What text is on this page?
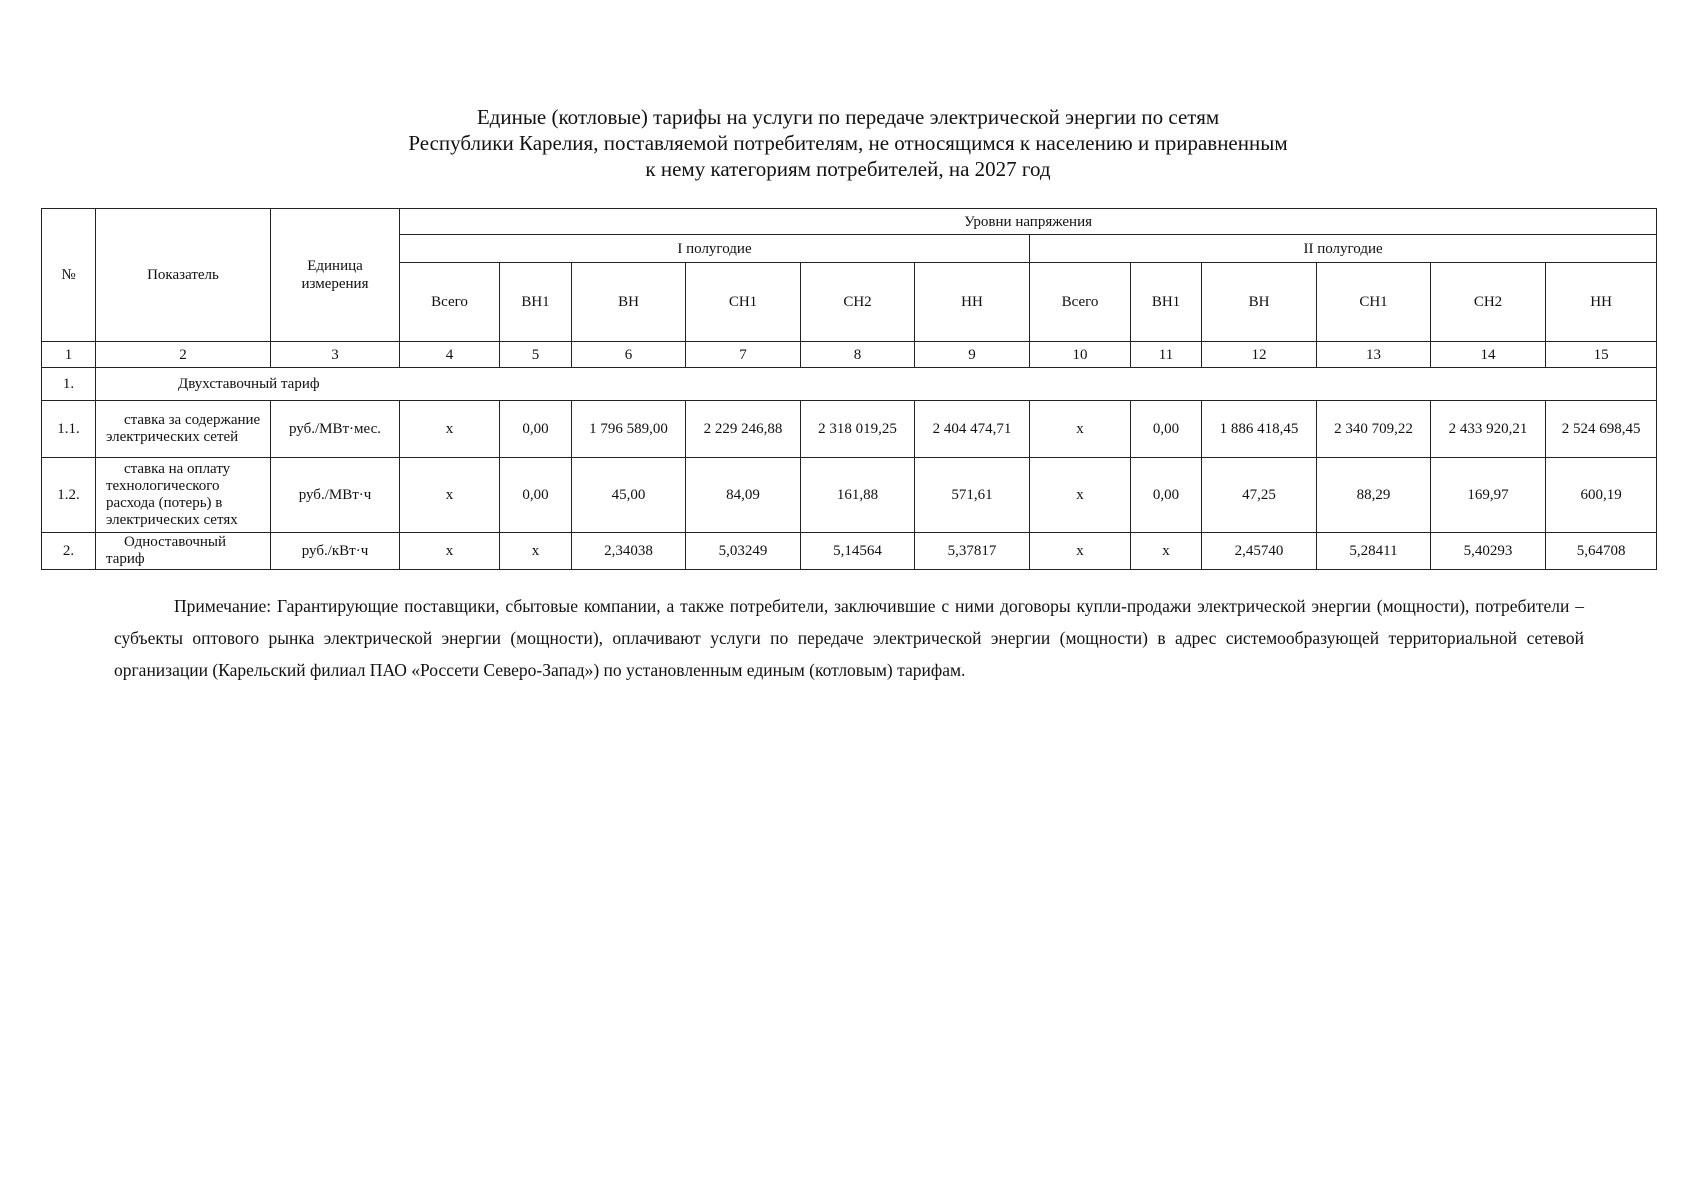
Единые (котловые) тарифы на услуги по передаче электрической энергии по сетям
Республики Карелия, поставляемой потребителям, не относящимся к населению и приравненным
к нему категориям потребителей, на 2027 год
№	Показатель	Единица измерения	Уровни напряжения											
			I полугодие						II полугодие					
			Всего	ВН1	ВН	СН1	СН2	НН	Всего	ВН1	ВН	СН1	СН2	НН
1	2	3	4	5	6	7	8	9	10	11	12	13	14	15
1.	Двухставочный тариф													
1.1.	ставка за содержание электрических сетей	руб./МВт·мес.	х	0,00	1 796 589,00	2 229 246,88	2 318 019,25	2 404 474,71	х	0,00	1 886 418,45	2 340 709,22	2 433 920,21	2 524 698,45
1.2.	ставка на оплату технологического расхода (потерь) в электрических сетях	руб./МВт·ч	х	0,00	45,00	84,09	161,88	571,61	х	0,00	47,25	88,29	169,97	600,19
2.	Одноставочный тариф	руб./кВт·ч	х	х	2,34038	5,03249	5,14564	5,37817	х	х	2,45740	5,28411	5,40293	5,64708
Примечание: Гарантирующие поставщики, сбытовые компании, а также потребители, заключившие с ними договоры купли-продажи электрической энергии (мощности), потребители – субъекты оптового рынка электрической энергии (мощности), оплачивают услуги по передаче электрической энергии (мощности) в адрес системообразующей территориальной сетевой организации (Карельский филиал ПАО «Россети Северо-Запад») по установленным единым (котловым) тарифам.
